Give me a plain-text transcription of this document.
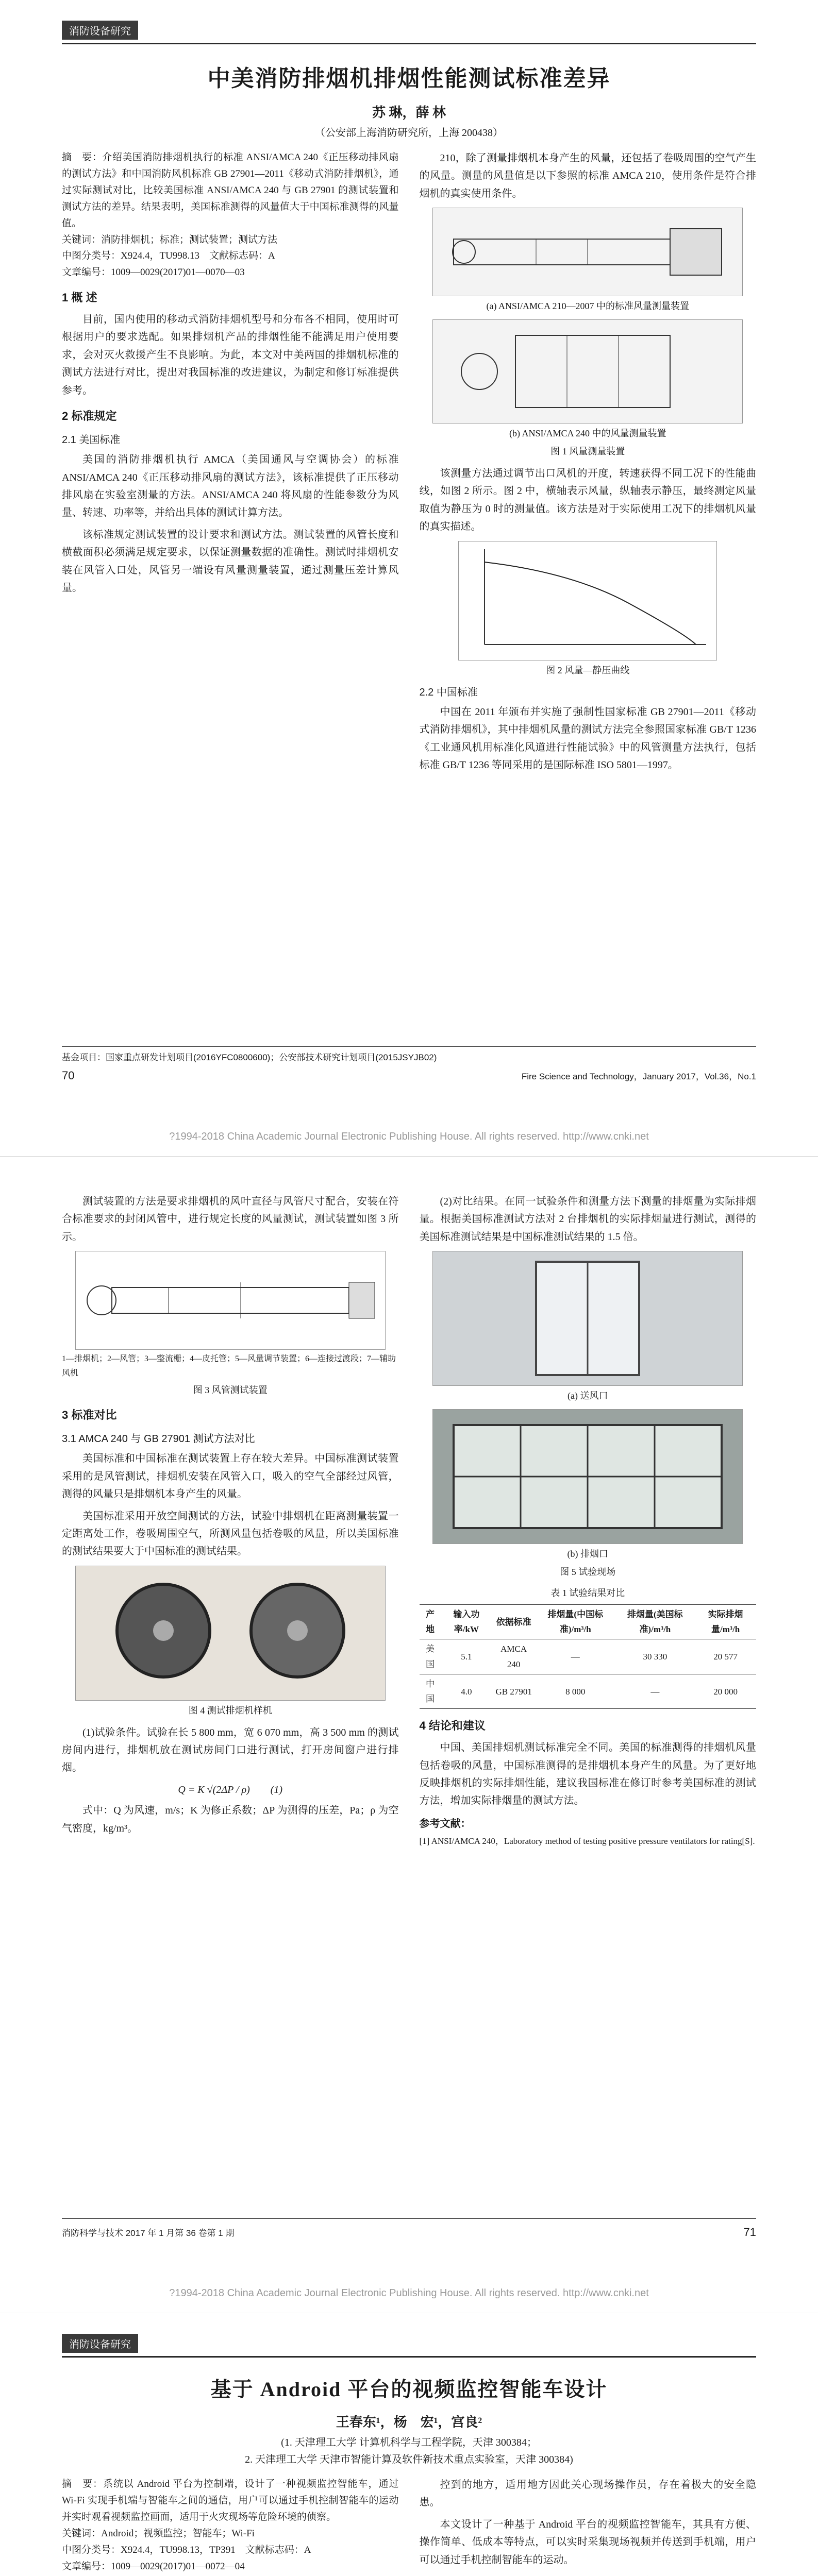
消防设备研究
中美消防排烟机排烟性能测试标准差异
苏 琳，薛 林
（公安部上海消防研究所，上海 200438）
摘　要：介绍美国消防排烟机执行的标准 ANSI/AMCA 240《正压移动排风扇的测试方法》和中国消防风机标准 GB 27901—2011《移动式消防排烟机》，通过实际测试对比，比较美国标准 ANSI/AMCA 240 与 GB 27901 的测试装置和测试方法的差异。结果表明，美国标准测得的风量值大于中国标准测得的风量值。
关键词：消防排烟机；标准；测试装置；测试方法
中图分类号：X924.4，TU998.13　文献标志码：A
文章编号：1009—0029(2017)01—0070—03
1 概 述

目前，国内使用的移动式消防排烟机型号和分布各不相同，使用时可根据用户的要求选配。如果排烟机产品的排烟性能不能满足用户使用要求，会对灭火救援产生不良影响。为此，本文对中美两国的排烟机标准的测试方法进行对比，提出对我国标准的改进建议，为制定和修订标准提供参考。

2 标准规定
2.1 美国标准

美国的消防排烟机执行 AMCA（美国通风与空调协会）的标准 ANSI/AMCA 240《正压移动排风扇的测试方法》，该标准提供了正压移动排风扇在实验室测量的方法。ANSI/AMCA 240 将风扇的性能参数分为风量、转速、功率等，并给出具体的测试计算方法。

该标准规定测试装置的设计要求和测试方法。测试装置的风管长度和横截面积必须满足规定要求，以保证测量数据的准确性。测试时排烟机安装在风管入口处，风管另一端设有风量测量装置，通过测量压差计算风量。

210，除了测量排烟机本身产生的风量，还包括了卷吸周围的空气产生的风量。测量的风量值是以下参照的标准 AMCA 210，使用条件是符合排烟机的真实使用条件。

(a) ANSI/AMCA 210—2007 中的标准风量测量装置
(b) ANSI/AMCA 240 中的风量测量装置
图 1 风量测量装置

该测量方法通过调节出口风机的开度，转速获得不同工况下的性能曲线，如图 2 所示。图 2 中，横轴表示风量，纵轴表示静压，最终测定风量取值为静压为 0 时的测量值。该方法是对于实际使用工况下的排烟机风量的真实描述。

图 2 风量—静压曲线
2.2 中国标准

中国在 2011 年颁布并实施了强制性国家标准 GB 27901—2011《移动式消防排烟机》，其中排烟机风量的测试方法完全参照国家标准 GB/T 1236《工业通风机用标准化风道进行性能试验》中的风管测量方法执行，包括标准 GB/T 1236 等同采用的是国际标准 ISO 5801—1997。

基金项目：国家重点研发计划项目(2016YFC0800600)；公安部技术研究计划项目(2015JSYJB02)
70	Fire Science and Technology，January 2017，Vol.36，No.1
?1994-2018 China Academic Journal Electronic Publishing House. All rights reserved. http://www.cnki.net

测试装置的方法是要求排烟机的风叶直径与风管尺寸配合，安装在符合标准要求的封闭风管中，进行规定长度的风量测试，测试装置如图 3 所示。

1—排烟机；2—风管；3—整流栅；4—皮托管；5—风量调节装置；6—连接过渡段；7—辅助风机
图 3 风管测试装置
3 标准对比
3.1 AMCA 240 与 GB 27901 测试方法对比

美国标准和中国标准在测试装置上存在较大差异。中国标准测试装置采用的是风管测试，排烟机安装在风管入口，吸入的空气全部经过风管，测得的风量只是排烟机本身产生的风量。

美国标准采用开放空间测试的方法，试验中排烟机在距离测量装置一定距离处工作，卷吸周围空气，所测风量包括卷吸的风量，所以美国标准的测试结果要大于中国标准的测试结果。

图 4 测试排烟机样机

(1)试验条件。试验在长 5 800 mm，宽 6 070 mm，高 3 500 mm 的测试房间内进行，排烟机放在测试房间门口进行测试，打开房间窗户进行排烟。

Q = K √(2ΔP / ρ)　　(1)

式中：Q 为风速，m/s；K 为修正系数；ΔP 为测得的压差，Pa；ρ 为空气密度，kg/m³。

(2)对比结果。在同一试验条件和测量方法下测量的排烟量为实际排烟量。根据美国标准测试方法对 2 台排烟机的实际排烟量进行测试，测得的美国标准测试结果是中国标准测试结果的 1.5 倍。

(a) 送风口
(b) 排烟口
图 5 试验现场
表 1 试验结果对比
产地	输入功率/kW	依据标准	排烟量(中国标准)/m³/h	排烟量(美国标准)/m³/h	实际排烟量/m³/h
美国	5.1	AMCA 240	—	30 330	20 577
中国	4.0	GB 27901	8 000	—	20 000
4 结论和建议

中国、美国排烟机测试标准完全不同。美国的标准测得的排烟机风量包括卷吸的风量，中国标准测得的是排烟机本身产生的风量。为了更好地反映排烟机的实际排烟性能，建议我国标准在修订时参考美国标准的测试方法，增加实际排烟量的测试方法。

参考文献：
[1] ANSI/AMCA 240，Laboratory method of testing positive pressure ventilators for rating[S].
消防科学与技术 2017 年 1 月第 36 卷第 1 期	71
?1994-2018 China Academic Journal Electronic Publishing House. All rights reserved. http://www.cnki.net
消防设备研究
基于 Android 平台的视频监控智能车设计
王春东¹，杨　宏¹，宫良²
(1. 天津理工大学 计算机科学与工程学院，天津 300384；
2. 天津理工大学 天津市智能计算及软件新技术重点实验室，天津 300384)
摘　要：系统以 Android 平台为控制端，设计了一种视频监控智能车，通过 Wi-Fi 实现手机端与智能车之间的通信，用户可以通过手机控制智能车的运动并实时观看视频监控画面，适用于火灾现场等危险环境的侦察。
关键词：Android；视频监控；智能车；Wi-Fi
中图分类号：X924.4，TU998.13，TP391　文献标志码：A
文章编号：1009—0029(2017)01—0072—04

控到的地方，适用地方因此关心现场操作员，存在着极大的安全隐患。

本文设计了一种基于 Android 平台的视频监控智能车，其具有方便、操作简单、低成本等特点，可以实时采集现场视频并传送到手机端，用户可以通过手机控制智能车的运动。
